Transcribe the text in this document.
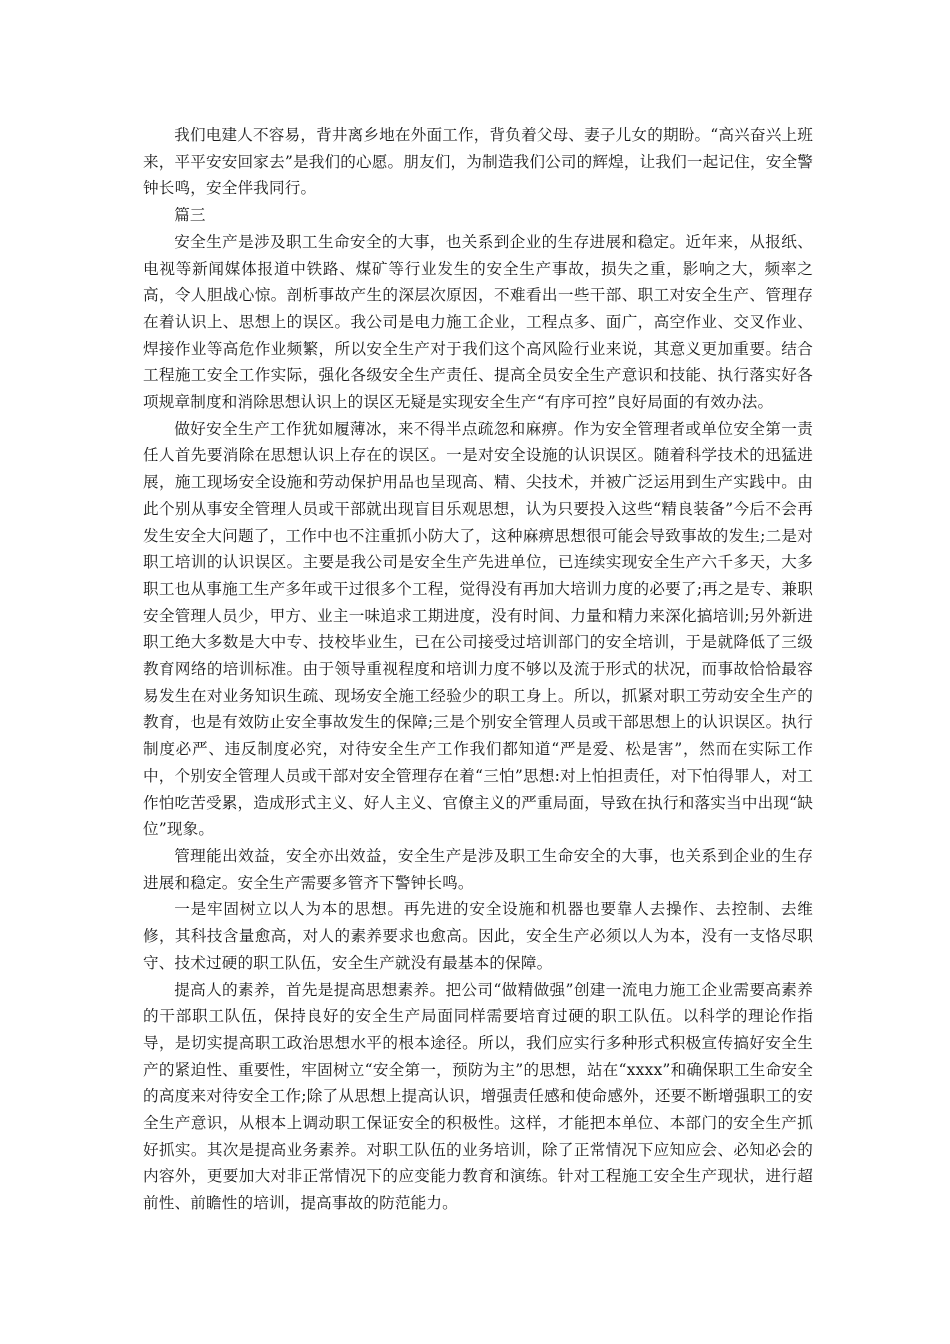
我们电建人不容易，背井离乡地在外面工作，背负着父母、妻子儿女的期盼。“高兴奋兴上班来，平平安安回家去”是我们的心愿。朋友们，为制造我们公司的辉煌，让我们一起记住，安全警钟长鸣，安全伴我同行。

篇三

安全生产是涉及职工生命安全的大事，也关系到企业的生存进展和稳定。近年来，从报纸、电视等新闻媒体报道中铁路、煤矿等行业发生的安全生产事故，损失之重，影响之大，频率之高，令人胆战心惊。剖析事故产生的深层次原因，不难看出一些干部、职工对安全生产、管理存在着认识上、思想上的误区。我公司是电力施工企业，工程点多、面广，高空作业、交叉作业、焊接作业等高危作业频繁，所以安全生产对于我们这个高风险行业来说，其意义更加重要。结合工程施工安全工作实际，强化各级安全生产责任、提高全员安全生产意识和技能、执行落实好各项规章制度和消除思想认识上的误区无疑是实现安全生产“有序可控”良好局面的有效办法。

做好安全生产工作犹如履薄冰，来不得半点疏忽和麻痹。作为安全管理者或单位安全第一责任人首先要消除在思想认识上存在的误区。一是对安全设施的认识误区。随着科学技术的迅猛进展，施工现场安全设施和劳动保护用品也呈现高、精、尖技术，并被广泛运用到生产实践中。由此个别从事安全管理人员或干部就出现盲目乐观思想，认为只要投入这些“精良装备”今后不会再发生安全大问题了，工作中也不注重抓小防大了，这种麻痹思想很可能会导致事故的发生;二是对职工培训的认识误区。主要是我公司是安全生产先进单位，已连续实现安全生产六千多天，大多职工也从事施工生产多年或干过很多个工程，觉得没有再加大培训力度的必要了;再之是专、兼职安全管理人员少，甲方、业主一味追求工期进度，没有时间、力量和精力来深化搞培训;另外新进职工绝大多数是大中专、技校毕业生，已在公司接受过培训部门的安全培训，于是就降低了三级教育网络的培训标准。由于领导重视程度和培训力度不够以及流于形式的状况，而事故恰恰最容易发生在对业务知识生疏、现场安全施工经验少的职工身上。所以，抓紧对职工劳动安全生产的教育，也是有效防止安全事故发生的保障;三是个别安全管理人员或干部思想上的认识误区。执行制度必严、违反制度必究，对待安全生产工作我们都知道“严是爱、松是害”，然而在实际工作中，个别安全管理人员或干部对安全管理存在着“三怕”思想:对上怕担责任，对下怕得罪人，对工作怕吃苦受累，造成形式主义、好人主义、官僚主义的严重局面，导致在执行和落实当中出现“缺位”现象。

管理能出效益，安全亦出效益，安全生产是涉及职工生命安全的大事，也关系到企业的生存进展和稳定。安全生产需要多管齐下警钟长鸣。

一是牢固树立以人为本的思想。再先进的安全设施和机器也要靠人去操作、去控制、去维修，其科技含量愈高，对人的素养要求也愈高。因此，安全生产必须以人为本，没有一支恪尽职守、技术过硬的职工队伍，安全生产就没有最基本的保障。

提高人的素养，首先是提高思想素养。把公司“做精做强”创建一流电力施工企业需要高素养的干部职工队伍，保持良好的安全生产局面同样需要培育过硬的职工队伍。以科学的理论作指导，是切实提高职工政治思想水平的根本途径。所以，我们应实行多种形式积极宣传搞好安全生产的紧迫性、重要性，牢固树立“安全第一，预防为主”的思想，站在“xxxx”和确保职工生命安全的高度来对待安全工作;除了从思想上提高认识，增强责任感和使命感外，还要不断增强职工的安全生产意识，从根本上调动职工保证安全的积极性。这样，才能把本单位、本部门的安全生产抓好抓实。其次是提高业务素养。对职工队伍的业务培训，除了正常情况下应知应会、必知必会的内容外，更要加大对非正常情况下的应变能力教育和演练。针对工程施工安全生产现状，进行超前性、前瞻性的培训，提高事故的防范能力。
